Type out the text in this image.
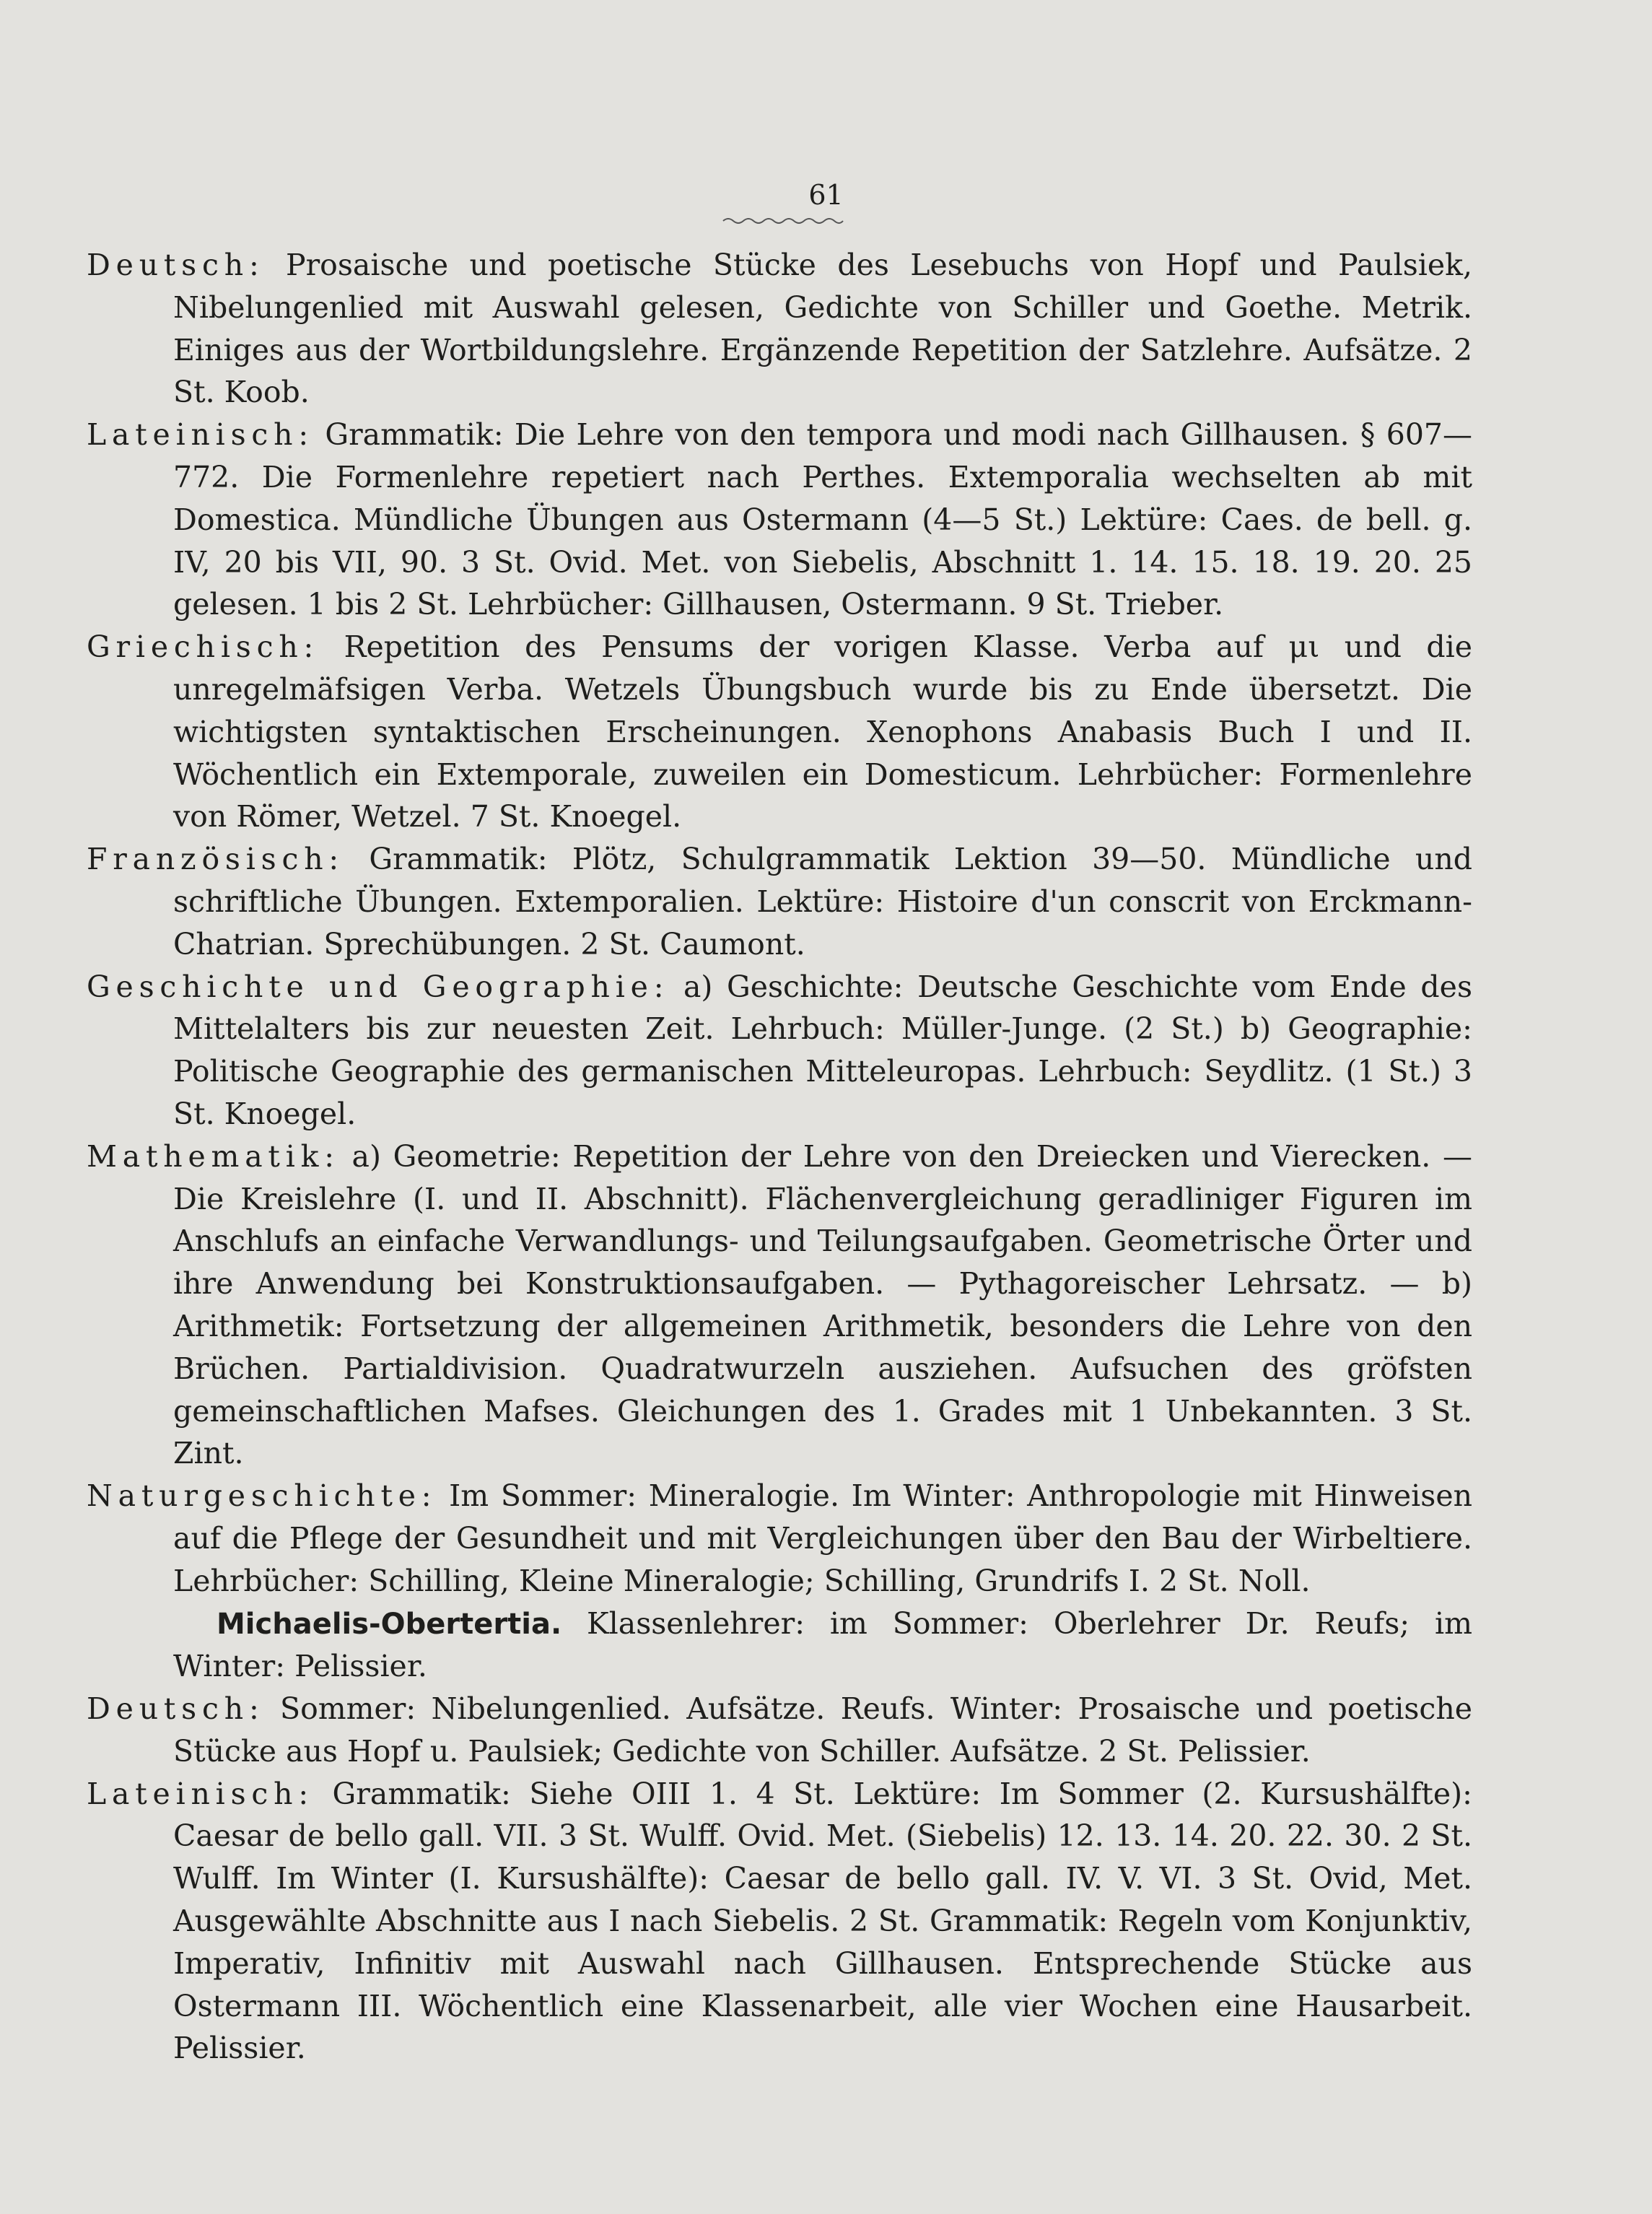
61
Deutsch: Prosaische und poetische Stücke des Lesebuchs von Hopf und Paulsiek, Nibelungenlied mit Auswahl gelesen, Gedichte von Schiller und Goethe. Metrik. Einiges aus der Wortbildungslehre. Ergänzende Repetition der Satzlehre. Aufsätze. 2 St. Koob.
Lateinisch: Grammatik: Die Lehre von den tempora und modi nach Gillhausen. § 607—772. Die Formenlehre repetiert nach Perthes. Extemporalia wechselten ab mit Domestica. Mündliche Übungen aus Ostermann (4—5 St.) Lektüre: Caes. de bell. g. IV, 20 bis VII, 90. 3 St. Ovid. Met. von Siebelis, Abschnitt 1. 14. 15. 18. 19. 20. 25 gelesen. 1 bis 2 St. Lehrbücher: Gillhausen, Ostermann. 9 St. Trieber.
Griechisch: Repetition des Pensums der vorigen Klasse. Verba auf μι und die unregelmäfsigen Verba. Wetzels Übungsbuch wurde bis zu Ende übersetzt. Die wichtigsten syntaktischen Erscheinungen. Xenophons Anabasis Buch I und II. Wöchentlich ein Extemporale, zuweilen ein Domesticum. Lehrbücher: Formenlehre von Römer, Wetzel. 7 St. Knoegel.
Französisch: Grammatik: Plötz, Schulgrammatik Lektion 39—50. Mündliche und schriftliche Übungen. Extemporalien. Lektüre: Histoire d'un conscrit von Erckmann-Chatrian. Sprechübungen. 2 St. Caumont.
Geschichte und Geographie: a) Geschichte: Deutsche Geschichte vom Ende des Mittelalters bis zur neuesten Zeit. Lehrbuch: Müller-Junge. (2 St.) b) Geographie: Politische Geographie des germanischen Mitteleuropas. Lehrbuch: Seydlitz. (1 St.) 3 St. Knoegel.
Mathematik: a) Geometrie: Repetition der Lehre von den Dreiecken und Vierecken. — Die Kreislehre (I. und II. Abschnitt). Flächenvergleichung geradliniger Figuren im Anschlufs an einfache Verwandlungs- und Teilungsaufgaben. Geometrische Örter und ihre Anwendung bei Konstruktionsaufgaben. — Pythagoreischer Lehrsatz. — b) Arithmetik: Fortsetzung der allgemeinen Arithmetik, besonders die Lehre von den Brüchen. Partialdivision. Quadratwurzeln ausziehen. Aufsuchen des gröfsten gemeinschaftlichen Mafses. Gleichungen des 1. Grades mit 1 Unbekannten. 3 St. Zint.
Naturgeschichte: Im Sommer: Mineralogie. Im Winter: Anthropologie mit Hinweisen auf die Pflege der Gesundheit und mit Vergleichungen über den Bau der Wirbeltiere. Lehrbücher: Schilling, Kleine Mineralogie; Schilling, Grundrifs I. 2 St. Noll.
Michaelis-Obertertia. Klassenlehrer: im Sommer: Oberlehrer Dr. Reufs; im Winter: Pelissier.
Deutsch: Sommer: Nibelungenlied. Aufsätze. Reufs. Winter: Prosaische und poetische Stücke aus Hopf u. Paulsiek; Gedichte von Schiller. Aufsätze. 2 St. Pelissier.
Lateinisch: Grammatik: Siehe OIII 1. 4 St. Lektüre: Im Sommer (2. Kursushälfte): Caesar de bello gall. VII. 3 St. Wulff. Ovid. Met. (Siebelis) 12. 13. 14. 20. 22. 30. 2 St. Wulff. Im Winter (I. Kursushälfte): Caesar de bello gall. IV. V. VI. 3 St. Ovid, Met. Ausgewählte Abschnitte aus I nach Siebelis. 2 St. Grammatik: Regeln vom Konjunktiv, Imperativ, Infinitiv mit Auswahl nach Gillhausen. Entsprechende Stücke aus Ostermann III. Wöchentlich eine Klassenarbeit, alle vier Wochen eine Hausarbeit. Pelissier.
